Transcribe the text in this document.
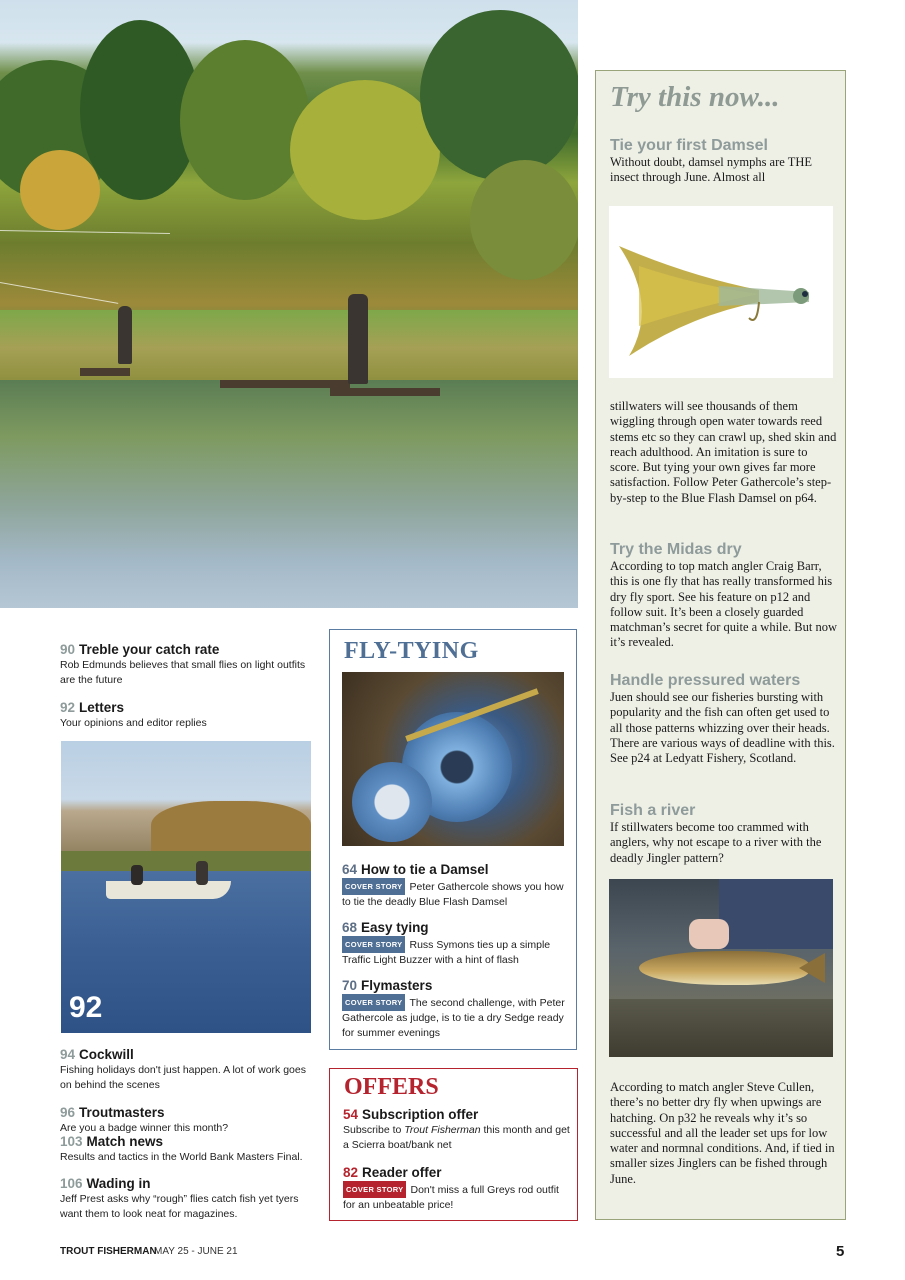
90 Treble your catch rate
Rob Edmunds believes that small flies on light outfits are the future
92 Letters
Your opinions and editor replies
92
94 Cockwill
Fishing holidays don't just happen. A lot of work goes on behind the scenes
96 Troutmasters
Are you a badge winner this month?
103 Match news
Results and tactics in the World Bank Masters Final.
106 Wading in
Jeff Prest asks why “rough” flies catch fish yet tyers want them to look neat for magazines.
FLY-TYING
64 How to tie a Damsel
COVER STORY Peter Gathercole shows you how to tie the deadly Blue Flash Damsel
68 Easy tying
COVER STORY Russ Symons ties up a simple Traffic Light Buzzer with a hint of flash
70 Flymasters
COVER STORY The second challenge, with Peter Gathercole as judge, is to tie a dry Sedge ready for summer evenings
OFFERS
54 Subscription offer
Subscribe to Trout Fisherman this month and get a Scierra boat/bank net
82 Reader offer
COVER STORY Don't miss a full Greys rod outfit for an unbeatable price!
Try this now...
Tie your first Damsel
Without doubt, damsel nymphs are THE insect through June. Almost all
stillwaters will see thousands of them wiggling through open water towards reed stems etc so they can crawl up, shed skin and reach adulthood. An imitation is sure to score. But tying your own gives far more satisfaction. Follow Peter Gathercole’s step-by-step to the Blue Flash Damsel on p64.
Try the Midas dry
According to top match angler Craig Barr, this is one fly that has really transformed his dry fly sport. See his feature on p12 and follow suit. It’s been a closely guarded matchman’s secret for quite a while. But now it’s revealed.
Handle pressured waters
Juen should see our fisheries bursting with popularity and the fish can often get used to all those patterns whizzing over their heads. There are various ways of deadline with this. See p24 at Ledyatt Fishery, Scotland.
Fish a river
If stillwaters become too crammed with anglers, why not escape to a river with the deadly Jingler pattern?
According to match angler Steve Cullen, there’s no better dry fly when upwings are hatching. On p32 he reveals why it’s so successful and all the leader set ups for low water and normnal conditions. And, if tied in smaller sizes Jinglers can be fished through June.
TROUT FISHERMAN
MAY 25 - JUNE 21	5
